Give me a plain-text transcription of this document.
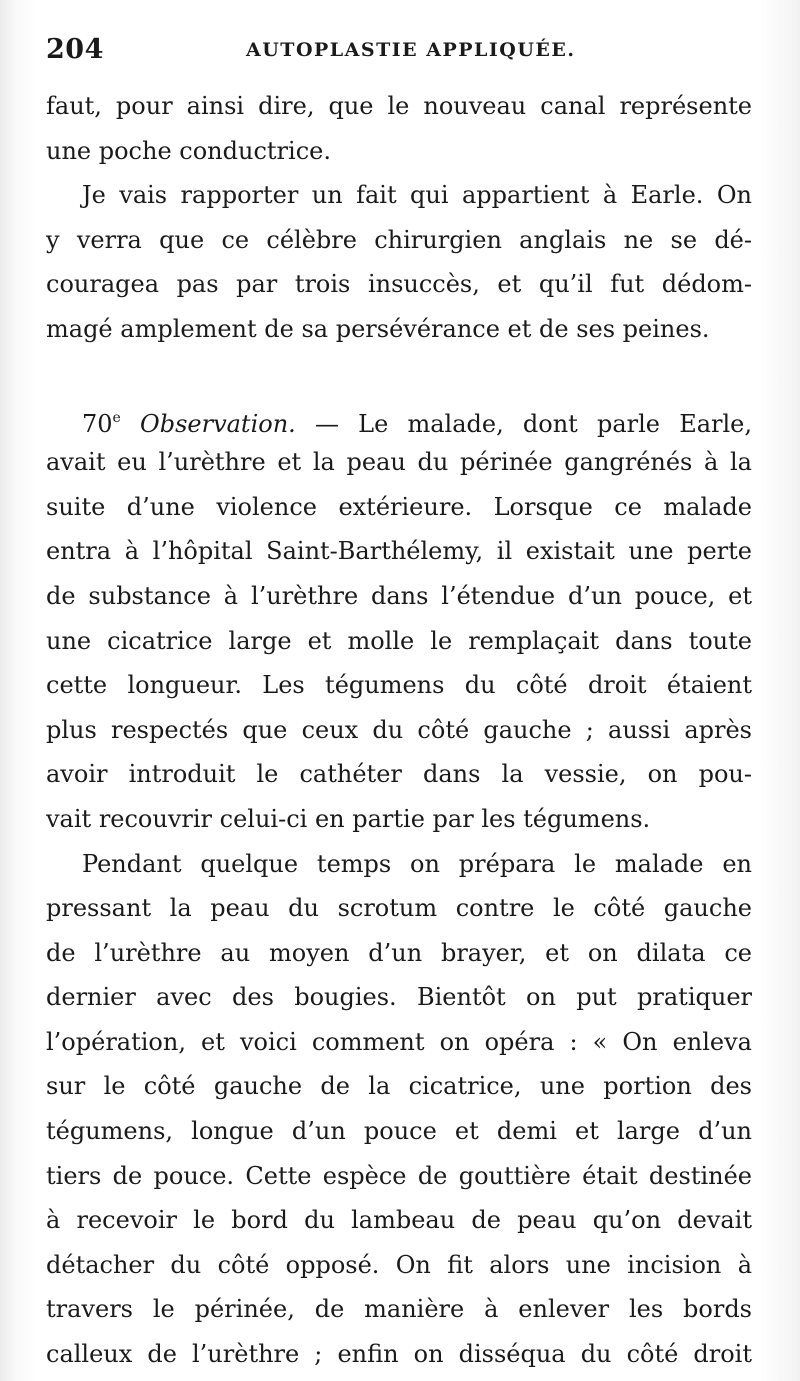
204	AUTOPLASTIE APPLIQUÉE.
faut, pour ainsi dire, que le nouveau canal représente
une poche conductrice.
Je vais rapporter un fait qui appartient à Earle. On
y verra que ce célèbre chirurgien anglais ne se dé-
couragea pas par trois insuccès, et qu’il fut dédom-
magé amplement de sa persévérance et de ses peines.
70e Observation. — Le malade, dont parle Earle,
avait eu l’urèthre et la peau du périnée gangrénés à la
suite d’une violence extérieure. Lorsque ce malade
entra à l’hôpital Saint-Barthélemy, il existait une perte
de substance à l’urèthre dans l’étendue d’un pouce, et
une cicatrice large et molle le remplaçait dans toute
cette longueur. Les tégumens du côté droit étaient
plus respectés que ceux du côté gauche ; aussi après
avoir introduit le cathéter dans la vessie, on pou-
vait recouvrir celui-ci en partie par les tégumens.
Pendant quelque temps on prépara le malade en
pressant la peau du scrotum contre le côté gauche
de l’urèthre au moyen d’un brayer, et on dilata ce
dernier avec des bougies. Bientôt on put pratiquer
l’opération, et voici comment on opéra : « On enleva
sur le côté gauche de la cicatrice, une portion des
tégumens, longue d’un pouce et demi et large d’un
tiers de pouce. Cette espèce de gouttière était destinée
à recevoir le bord du lambeau de peau qu’on devait
détacher du côté opposé. On fit alors une incision à
travers le périnée, de manière à enlever les bords
calleux de l’urèthre ; enfin on disséqua du côté droit
